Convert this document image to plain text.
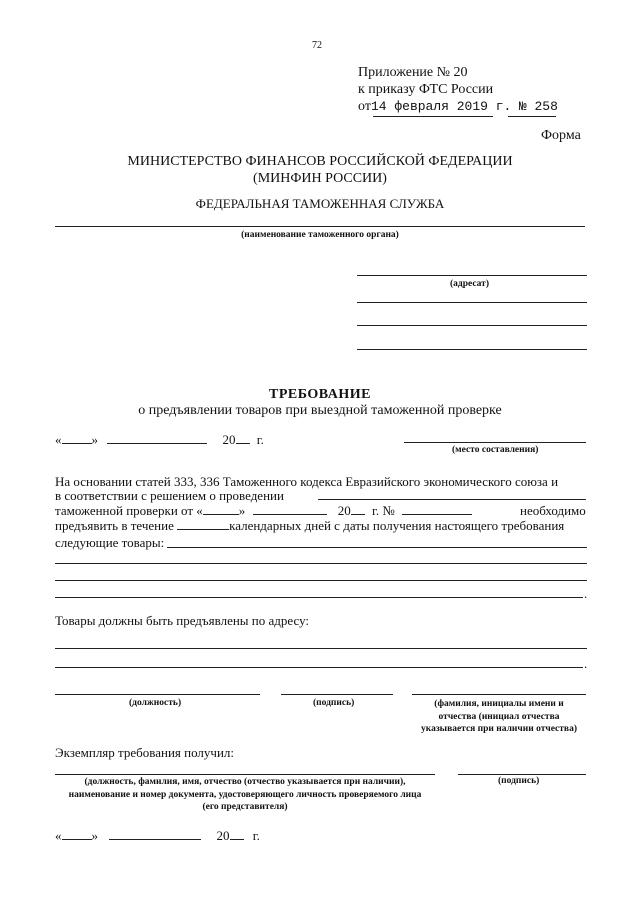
72
Приложение № 20
к приказу ФТС России
от14 февраля 2019 г. № 258
Форма
МИНИСТЕРСТВО ФИНАНСОВ РОССИЙСКОЙ ФЕДЕРАЦИИ
(МИНФИН РОССИИ)
ФЕДЕРАЛЬНАЯ ТАМОЖЕННАЯ СЛУЖБА
(наименование таможенного органа)
(адресат)
ТРЕБОВАНИЕ
о предъявлении товаров при выездной таможенной проверке
« »	20 г.
(место составления)
На основании статей 333, 336 Таможенного кодекса Евразийского экономического союза и
в соответствии с решением о проведении
таможенной проверки от «	»	20 г. №	необходимо
предъявить в течение	календарных дней с даты получения настоящего требования
следующие товары:
.
Товары должны быть предъявлены по адресу:
.
(должность)	(подпись)	(фамилия, инициалы имени и
отчества (инициал отчества
указывается при наличии отчества)
Экземпляр требования получил:
(должность, фамилия, имя, отчество (отчество указывается при наличии),
наименование и номер документа, удостоверяющего личность проверяемого лица
(его представителя)
(подпись)
« »	20 г.
